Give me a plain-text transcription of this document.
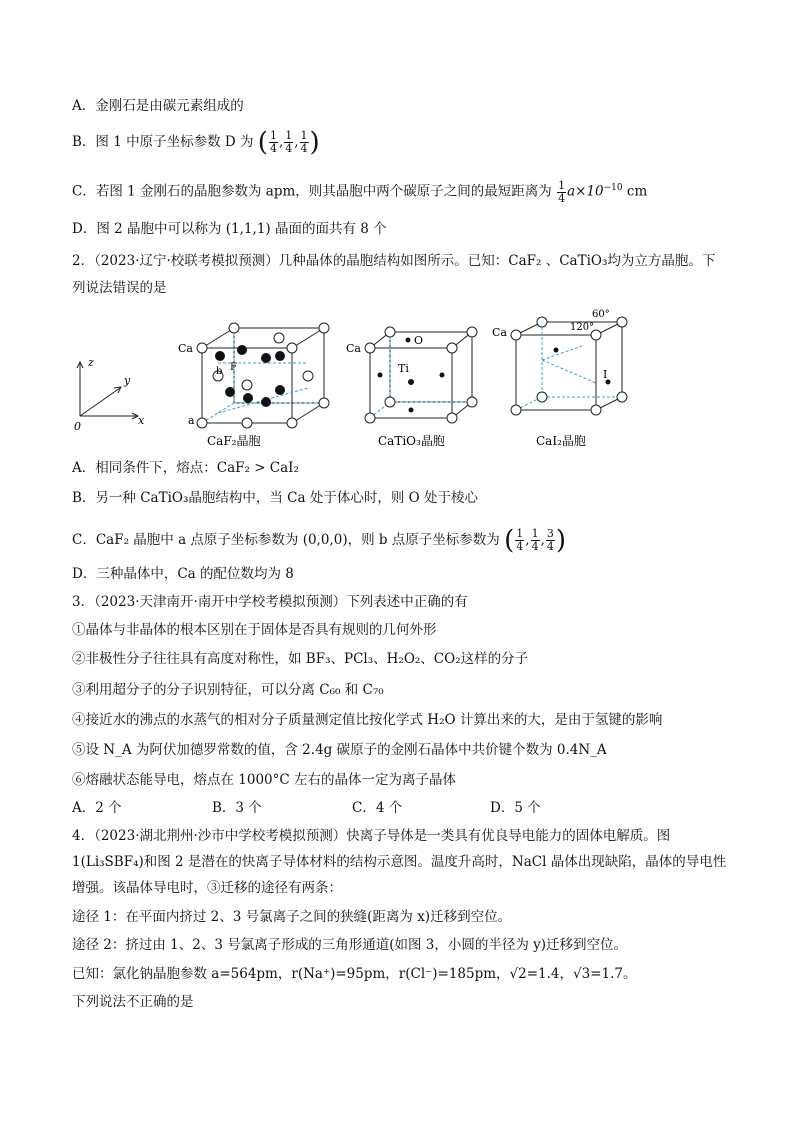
A．金刚石是由碳元素组成的
B．图 1 中原子坐标参数 D 为 ( $\frac{1}{4}$ , $\frac{1}{4}$ , $\frac{1}{4}$ )
C．若图 1 金刚石的晶胞参数为 apm，则其晶胞中两个碳原子之间的最短距离为 $\frac{1}{4} a\times 10^{-10}$ cm
D．图 2 晶胞中可以称为 (1,1,1) 晶面的面共有 8 个
2．（2023·辽宁·校联考模拟预测）几种晶体的晶胞结构如图所示。已知：CaF₂ 、CaTiO₃均为立方晶胞。下
列说法错误的是
z
y
x
0
Ca
F
b
a
CaF₂晶胞
Ca
O
Ti
CaTiO₃晶胞
Ca
60°
120°
I
CaI₂晶胞
A．相同条件下，熔点：CaF₂ > CaI₂
B．另一种 CaTiO₃晶胞结构中，当 Ca 处于体心时，则 O 处于棱心
C．CaF₂ 晶胞中 a 点原子坐标参数为 (0,0,0)，则 b 点原子坐标参数为 ( $\frac{1}{4}$ , $\frac{1}{4}$ , $\frac{3}{4}$ )
D．三种晶体中，Ca 的配位数均为 8
3．（2023·天津南开·南开中学校考模拟预测）下列表述中正确的有
①晶体与非晶体的根本区别在于固体是否具有规则的几何外形
②非极性分子往往具有高度对称性，如 BF₃、PCl₃、H₂O₂、CO₂这样的分子
③利用超分子的分子识别特征，可以分离 C₆₀ 和 C₇₀
④接近水的沸点的水蒸气的相对分子质量测定值比按化学式 H₂O 计算出来的大，是由于氢键的影响
⑤设 N_A 为阿伏加德罗常数的值，含 2.4g 碳原子的金刚石晶体中共价键个数为 0.4N_A
⑥熔融状态能导电，熔点在 1000°C 左右的晶体一定为离子晶体
A．2 个	B．3 个	C．4 个	D．5 个
4．（2023·湖北荆州·沙市中学校考模拟预测）快离子导体是一类具有优良导电能力的固体电解质。图
1(Li₃SBF₄)和图 2 是潜在的快离子导体材料的结构示意图。温度升高时，NaCl 晶体出现缺陷，晶体的导电性
增强。该晶体导电时，③迁移的途径有两条：
途径 1：在平面内挤过 2、3 号氯离子之间的狭缝(距离为 x)迁移到空位。
途径 2：挤过由 1、2、3 号氯离子形成的三角形通道(如图 3，小圆的半径为 y)迁移到空位。
已知：氯化钠晶胞参数 a=564pm，r(Na⁺)=95pm，r(Cl⁻)=185pm，√2=1.4，√3=1.7。
下列说法不正确的是
